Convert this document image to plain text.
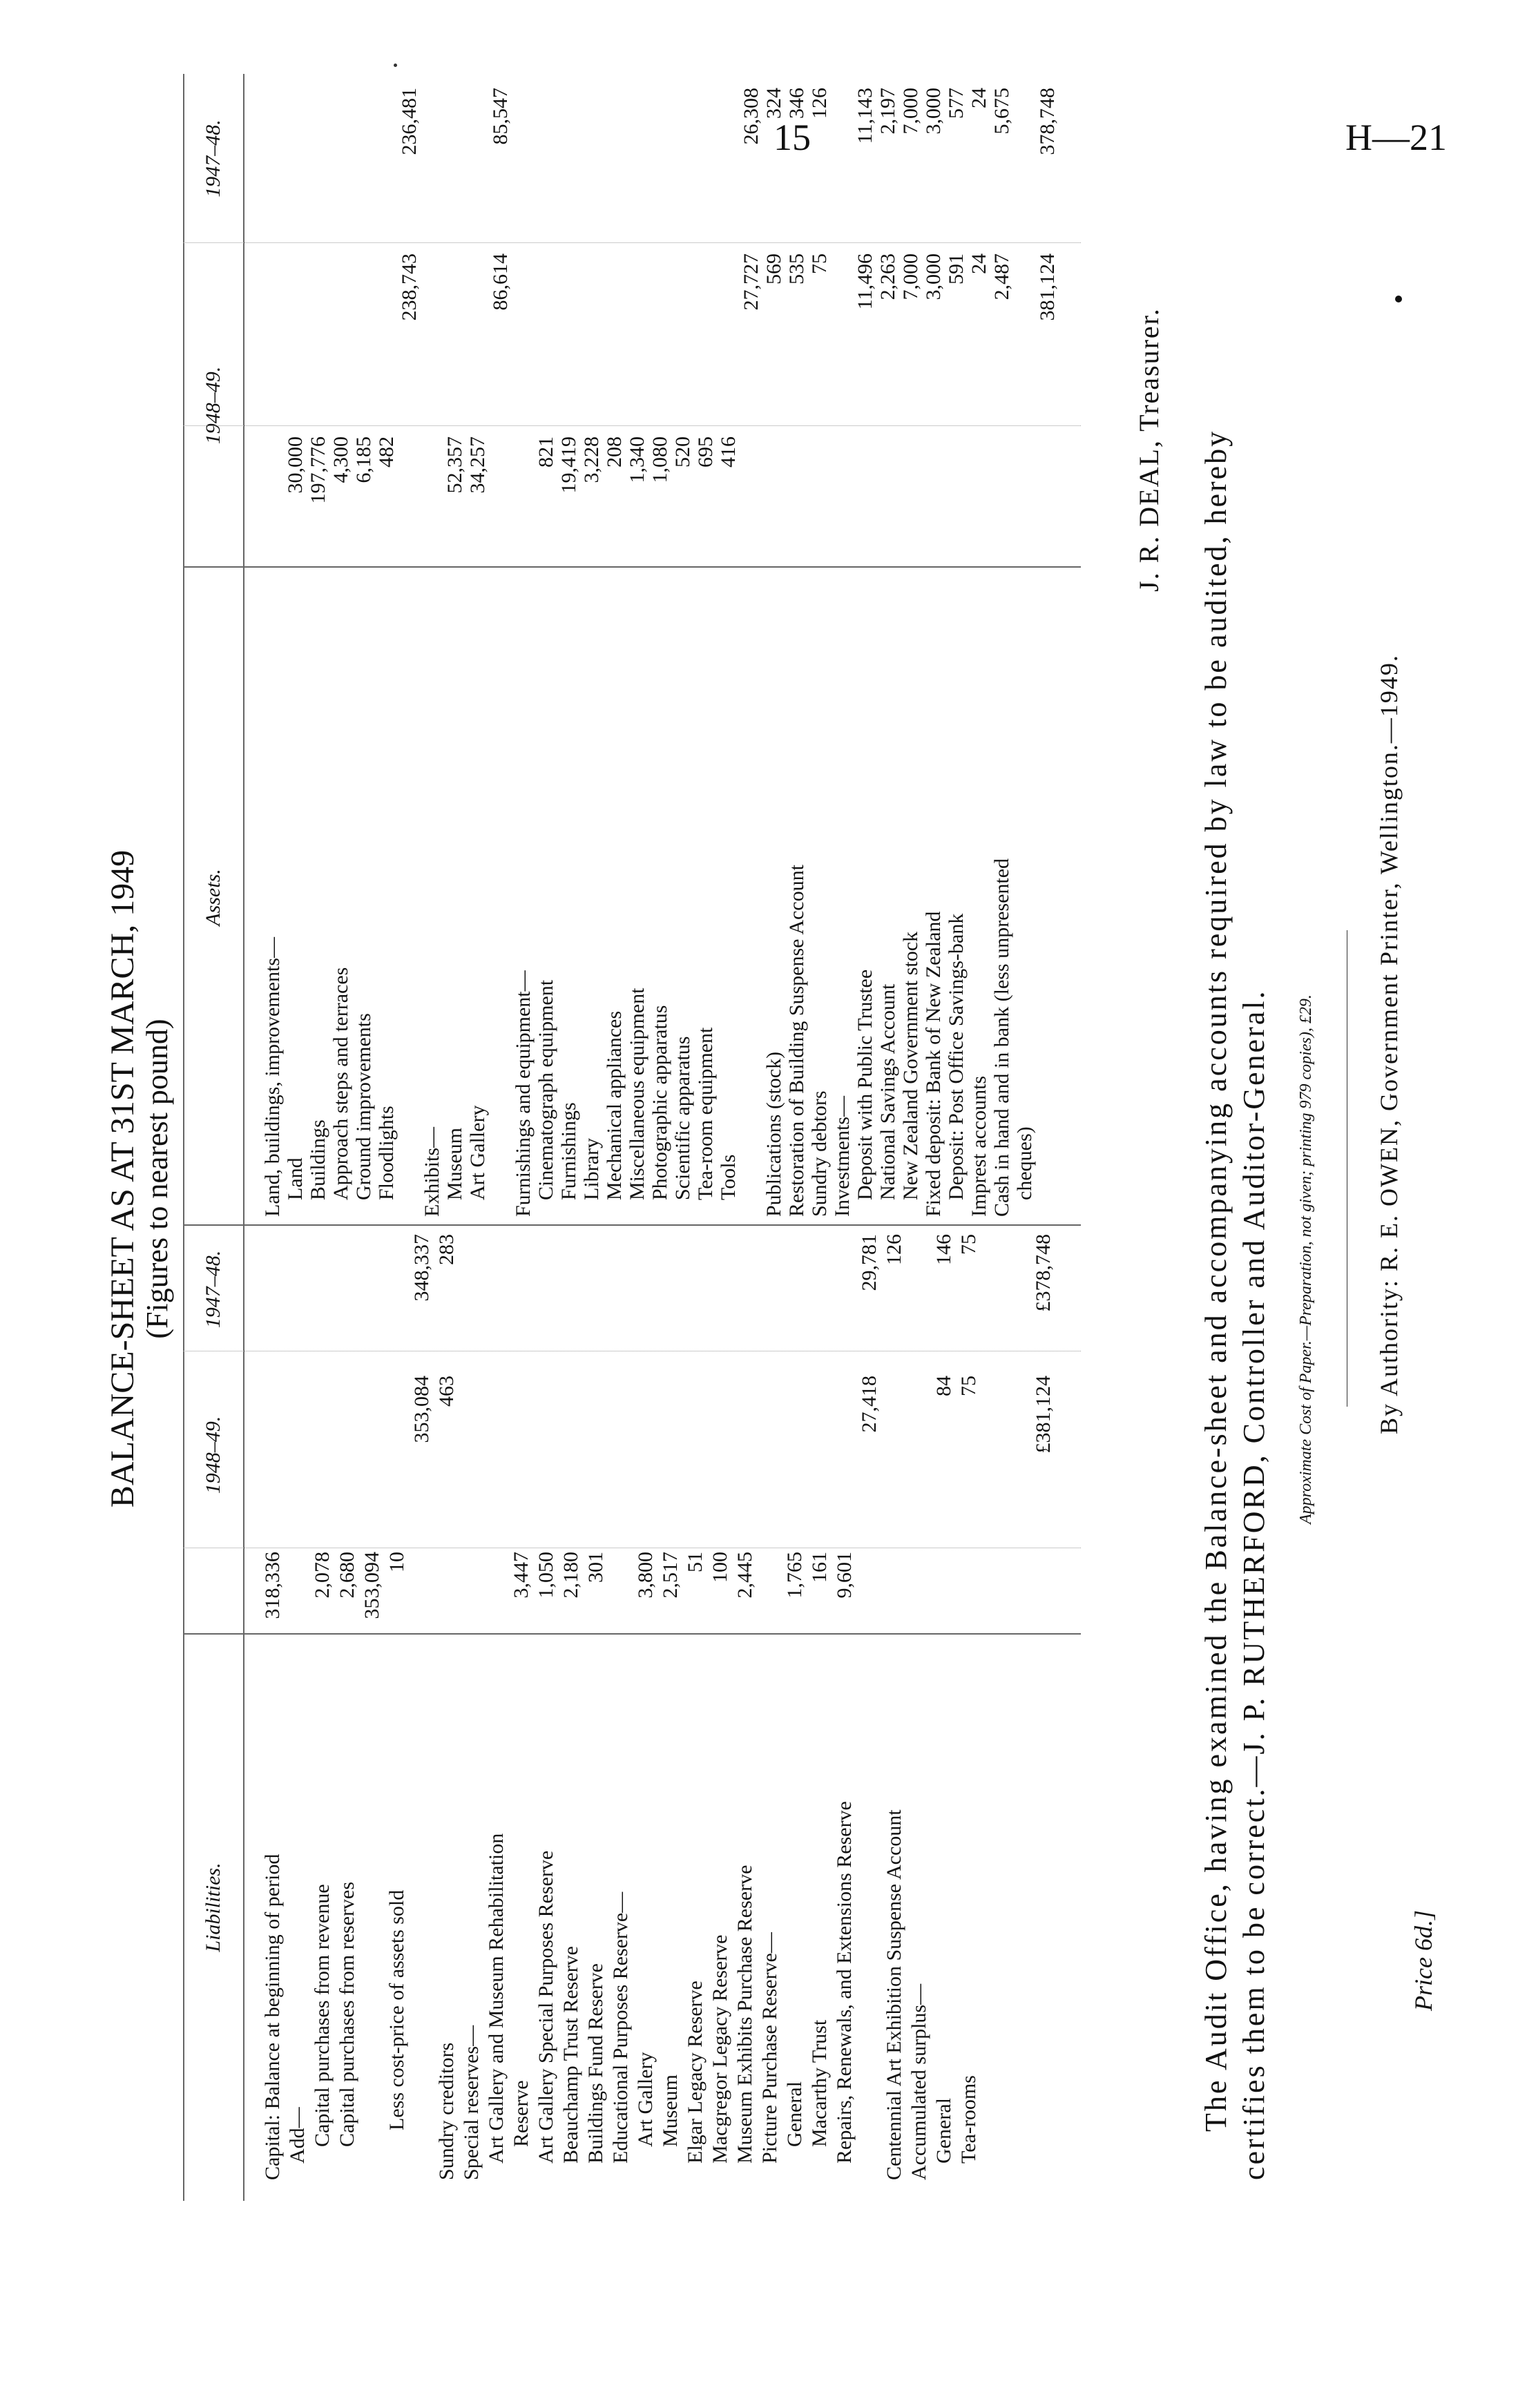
15	H—21
BALANCE-SHEET AS AT 31ST MARCH, 1949 (Figures to nearest pound)
Liabilities.
1948–49.
1947–48.
Assets.
1948–49.
1947–48.
Capital: Balance at beginning of period
318,336
Add— Capital purchases from revenue
2,078
Capital purchases from reserves
2,680 353,094
Less cost-price of assets sold
10
353,084
348,337
Sundry creditors
463
283
Special reserves— Art Gallery and Museum Rehabilitation Reserve
3,447
Art Gallery Special Purposes Reserve
1,050
Beauchamp Trust Reserve
2,180
Buildings Fund Reserve
301
Educational Purposes Reserve— Art Gallery
3,800
Museum
2,517
Elgar Legacy Reserve
51
Macgregor Legacy Reserve
100
Museum Exhibits Purchase Reserve
2,445
Picture Purchase Reserve— General
1,765
Macarthy Trust
161
Repairs, Renewals, and Extensions Reserve
9,601
27,418
29,781
Centennial Art Exhibition Suspense Account
126
Accumulated surplus— General
84
146
Tea-rooms
75
75
£381,124
£378,748
Land, buildings, improvements— Land
30,000
Buildings
197,776
Approach steps and terraces
4,300
Ground improvements
6,185
Floodlights
482
238,743
236,481
Exhibits— Museum
52,357
Art Gallery
34,257
86,614
85,547
Furnishings and equipment— Cinematograph equipment
821
Furnishings
19,419
Library
3,228
Mechanical appliances
208
Miscellaneous equipment
1,340
Photographic apparatus
1,080
Scientific apparatus
520
Tea-room equipment
695
Tools
416
27,727
26,308
Publications (stock)
569
324
Restoration of Building Suspense Account
535
346
Sundry debtors
75
126
Investments— Deposit with Public Trustee
11,496
11,143
National Savings Account
2,263
2,197
New Zealand Government stock
7,000
7,000
Fixed deposit: Bank of New Zealand
3,000
3,000
Deposit: Post Office Savings-bank
591
577
Imprest accounts
24
24
Cash in hand and in bank (less unpresented
2,487
5,675
cheques)
381,124
378,748
J. R. DEAL, Treasurer. The Audit Office, having examined the Balance-sheet and accompanying accounts required by law to be audited, hereby certifies them to be correct.—J. P. RUTHERFORD, Controller and Auditor-General. Approximate Cost of Paper.—Preparation, not given; printing 979 copies), £29. By Authority: R. E. OWEN, Government Printer, Wellington.—1949.
Price 6d.]
